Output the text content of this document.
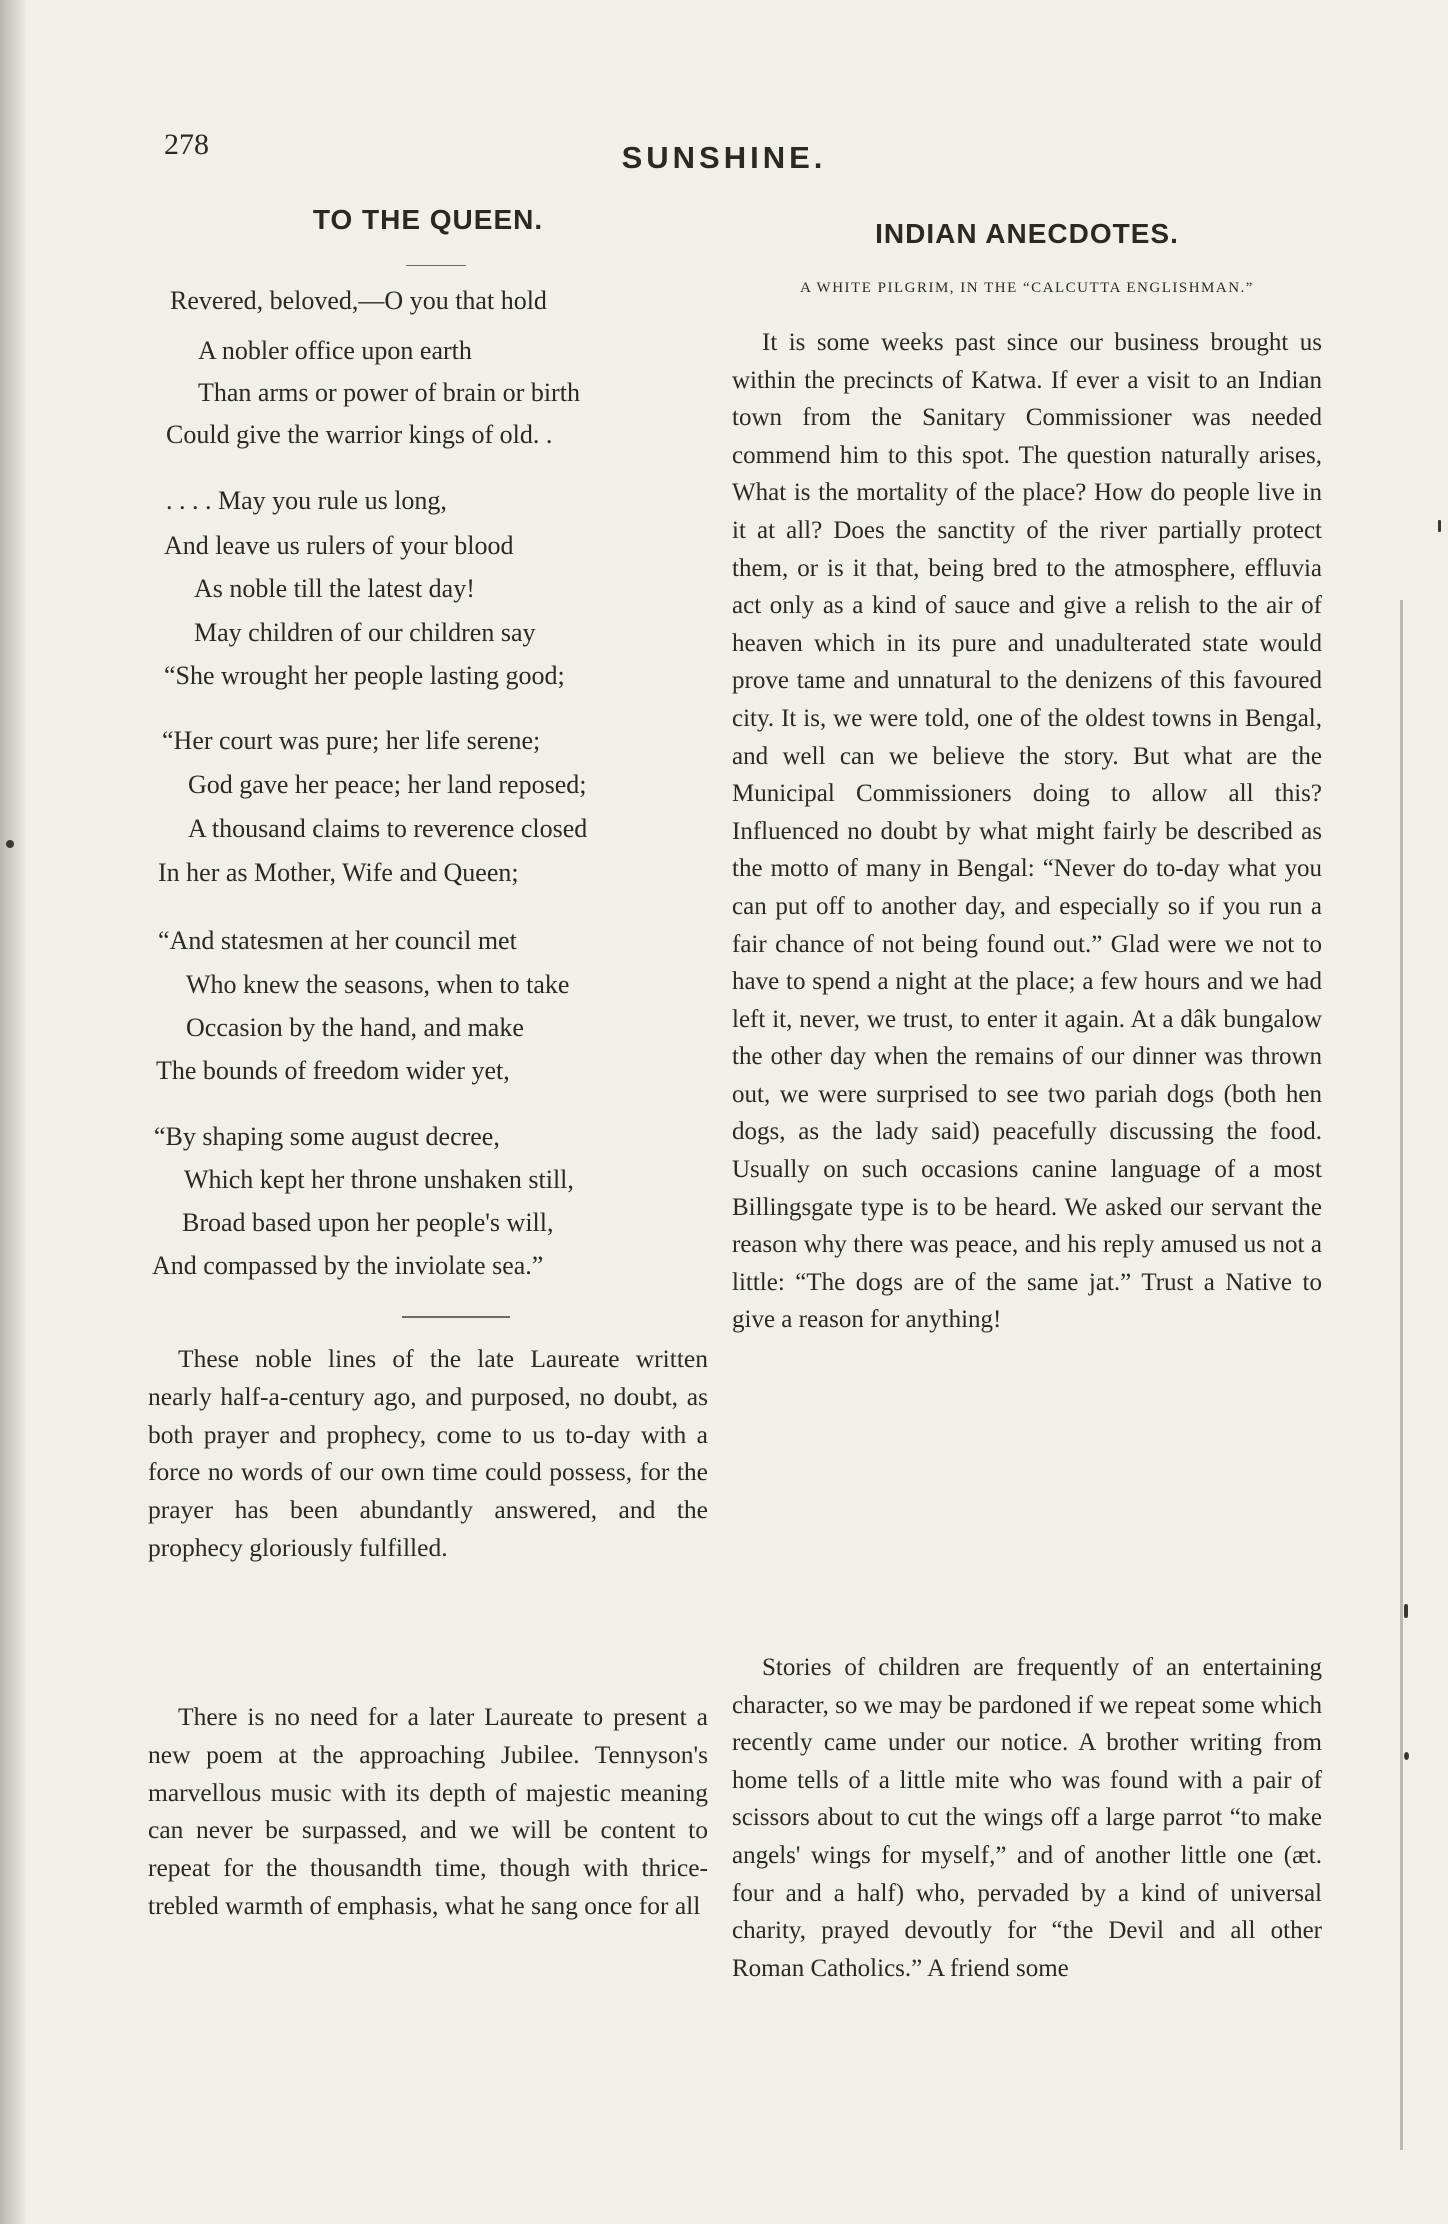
278	SUNSHINE.
TO THE QUEEN.
Revered, beloved,—O you that hold
A nobler office upon earth
Than arms or power of brain or birth
Could give the warrior kings of old. .
. . . . May you rule us long,
And leave us rulers of your blood
As noble till the latest day!
May children of our children say
“She wrought her people lasting good;
“Her court was pure; her life serene;
God gave her peace; her land reposed;
A thousand claims to reverence closed
In her as Mother, Wife and Queen;
“And statesmen at her council met
Who knew the seasons, when to take
Occasion by the hand, and make
The bounds of freedom wider yet,
“By shaping some august decree,
Which kept her throne unshaken still,
Broad based upon her people's will,
And compassed by the inviolate sea.”

These noble lines of the late Laureate written nearly half-a-century ago, and purposed, no doubt, as both prayer and prophecy, come to us to-day with a force no words of our own time could possess, for the prayer has been abundantly answered, and the prophecy gloriously fulfilled.

There is no need for a later Laureate to present a new poem at the approaching Jubilee. Tennyson's marvellous music with its depth of majestic meaning can never be surpassed, and we will be content to repeat for the thousandth time, though with thrice-trebled warmth of emphasis, what he sang once for all

INDIAN ANECDOTES.
A WHITE PILGRIM, IN THE “CALCUTTA ENGLISHMAN.”

It is some weeks past since our business brought us within the precincts of Katwa. If ever a visit to an Indian town from the Sanitary Commissioner was needed commend him to this spot. The question naturally arises, What is the mortality of the place? How do people live in it at all? Does the sanctity of the river partially protect them, or is it that, being bred to the atmosphere, effluvia act only as a kind of sauce and give a relish to the air of heaven which in its pure and unadulterated state would prove tame and unnatural to the denizens of this favoured city. It is, we were told, one of the oldest towns in Bengal, and well can we believe the story. But what are the Municipal Commissioners doing to allow all this? Influenced no doubt by what might fairly be described as the motto of many in Bengal: “Never do to-day what you can put off to another day, and especially so if you run a fair chance of not being found out.” Glad were we not to have to spend a night at the place; a few hours and we had left it, never, we trust, to enter it again. At a dâk bungalow the other day when the remains of our dinner was thrown out, we were surprised to see two pariah dogs (both hen dogs, as the lady said) peacefully discussing the food. Usually on such occasions canine language of a most Billingsgate type is to be heard. We asked our servant the reason why there was peace, and his reply amused us not a little: “The dogs are of the same jat.” Trust a Native to give a reason for anything!

Stories of children are frequently of an entertaining character, so we may be pardoned if we repeat some which recently came under our notice. A brother writing from home tells of a little mite who was found with a pair of scissors about to cut the wings off a large parrot “to make angels' wings for myself,” and of another little one (æt. four and a half) who, pervaded by a kind of universal charity, prayed devoutly for “the Devil and all other Roman Catholics.” A friend some
